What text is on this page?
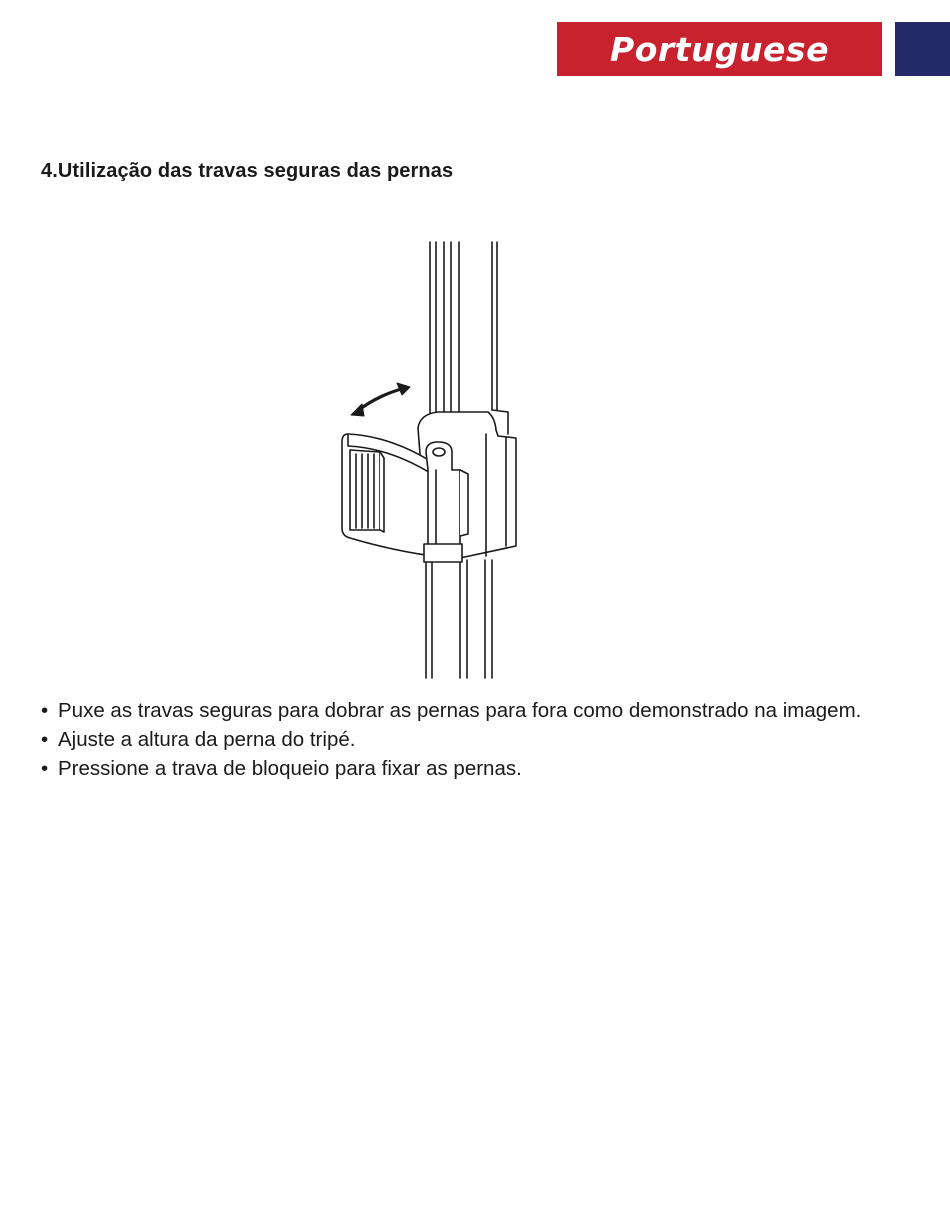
Portuguese
4.Utilização das travas seguras das pernas
• Puxe as travas seguras para dobrar as pernas para fora como demonstrado na imagem.
• Ajuste a altura da perna do tripé.
• Pressione a trava de bloqueio para fixar as pernas.
